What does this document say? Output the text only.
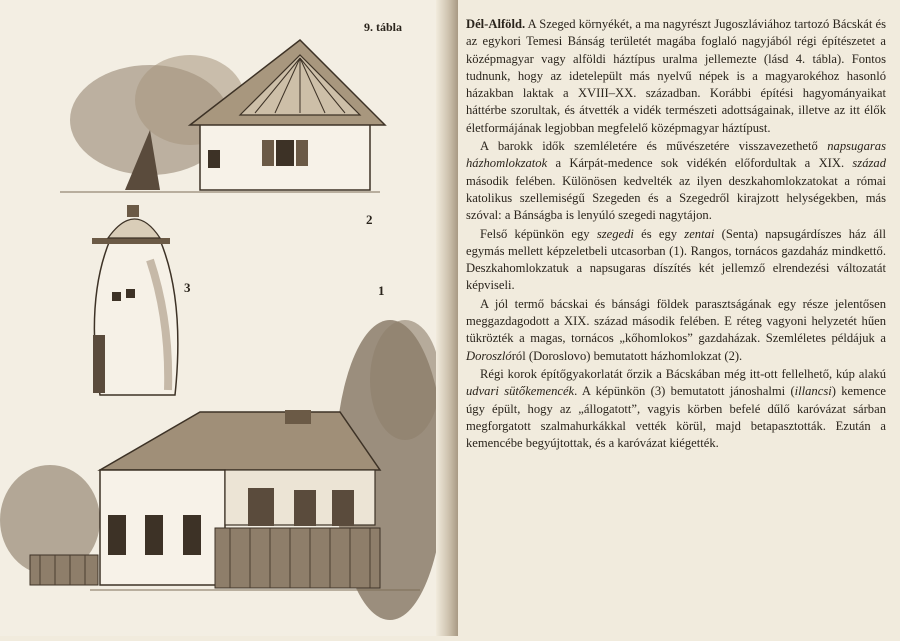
9. tábla
2
3	1

Dél-Alföld. A Szeged környékét, a ma nagyrészt Jugoszláviához tartozó Bácskát és az egykori Temesi Bánság területét magába foglaló nagyjából régi építészetet a középmagyar vagy alföldi háztípus uralma jellemezte (lásd 4. tábla). Fontos tudnunk, hogy az idetelepült más nyelvű népek is a magyarokéhoz hasonló házakban laktak a XVIII–XX. században. Korábbi építési hagyományaikat háttérbe szorultak, és átvették a vidék természeti adottságainak, illetve az itt élők életformájának legjobban megfelelő középmagyar háztípust.

A barokk idők szemléletére és művészetére visszavezethető napsugaras házhomlokzatok a Kárpát-medence sok vidékén előfordultak a XIX. század második felében. Különösen kedvelték az ilyen deszkahomlokzatokat a római katolikus szellemiségű Szegeden és a Szegedről kirajzott helységekben, más szóval: a Bánságba is lenyúló szegedi nagytájon.

Felső képünkön egy szegedi és egy zentai (Senta) napsugárdíszes ház áll egymás mellett képzeletbeli utcasorban (1). Rangos, tornácos gazdaház mindkettő. Deszkahomlokzatuk a napsugaras díszítés két jellemző elrendezési változatát képviseli.

A jól termő bácskai és bánsági földek parasztságának egy része jelentősen meggazdagodott a XIX. század második felében. E réteg vagyoni helyzetét hűen tükrözték a magas, tornácos „kőhomlokos” gazdaházak. Szemléletes példájuk a Doroszlóról (Doroslovo) bemutatott házhomlokzat (2).

Régi korok építőgyakorlatát őrzik a Bácskában még itt-ott fellelhető, kúp alakú udvari sütőkemencék. A képünkön (3) bemutatott jánoshalmi (illancsi) kemence úgy épült, hogy az „állogatott”, vagyis körben befelé dűlő karóvázat sárban megforgatott szalmahurkákkal vették körül, majd betapasztották. Ezután a kemencébe begyújtottak, és a karóvázat kiégették.
